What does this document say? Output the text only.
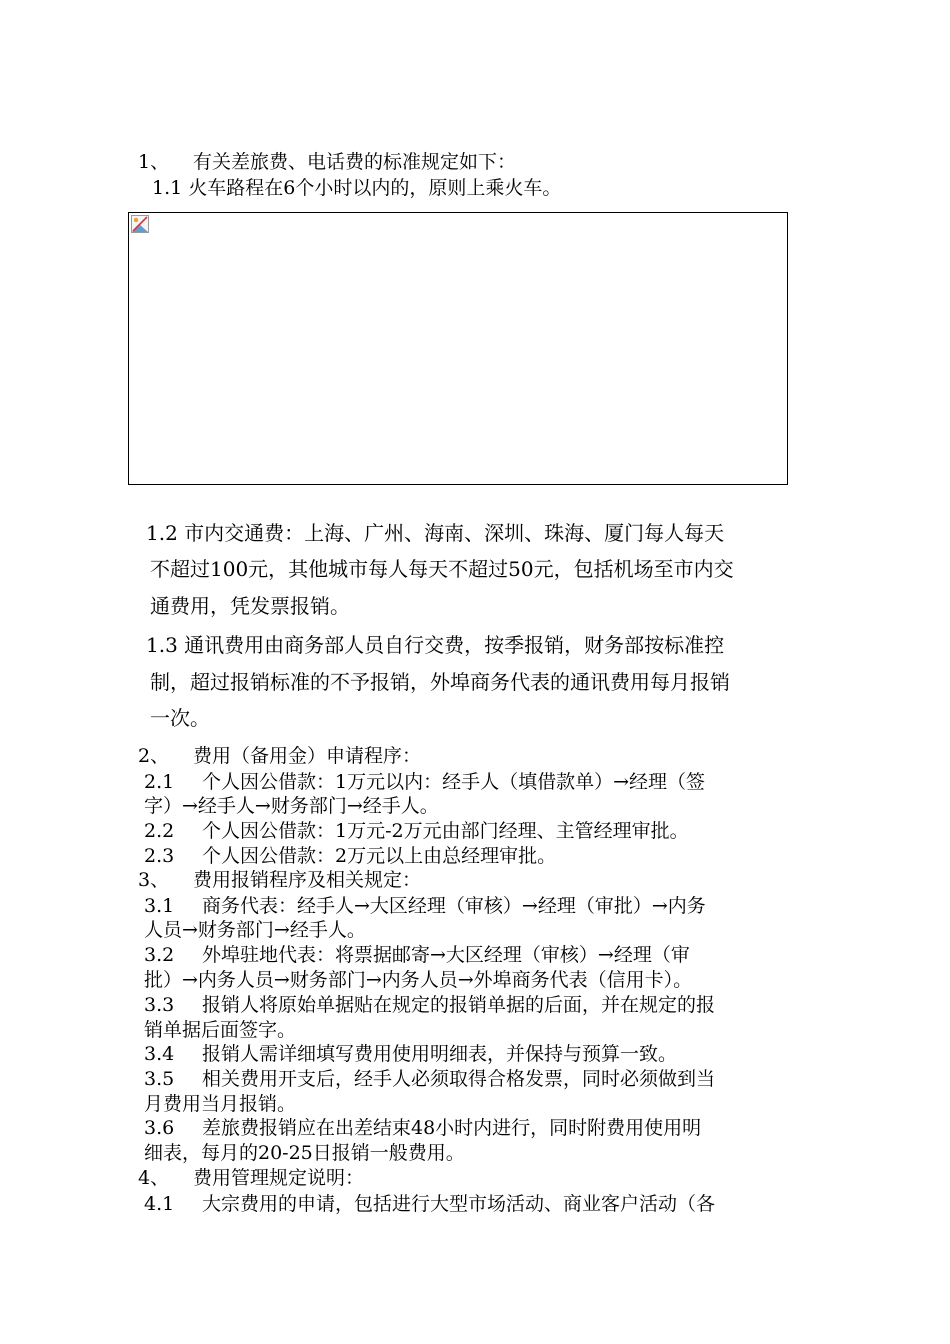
1、 有关差旅费、电话费的标准规定如下：
1.1 火车路程在6个小时以内的，原则上乘火车。
1.2 市内交通费：上海、广州、海南、深圳、珠海、厦门每人每天
不超过100元，其他城市每人每天不超过50元，包括机场至市内交
通费用，凭发票报销。
1.3 通讯费用由商务部人员自行交费，按季报销，财务部按标准控
制，超过报销标准的不予报销，外埠商务代表的通讯费用每月报销
一次。
2、 费用（备用金）申请程序：
2.1 个人因公借款：1万元以内：经手人（填借款单）→经理（签
字）→经手人→财务部门→经手人。
2.2 个人因公借款：1万元-2万元由部门经理、主管经理审批。
2.3 个人因公借款：2万元以上由总经理审批。
3、 费用报销程序及相关规定：
3.1 商务代表：经手人→大区经理（审核）→经理（审批）→内务
人员→财务部门→经手人。
3.2 外埠驻地代表：将票据邮寄→大区经理（审核）→经理（审
批）→内务人员→财务部门→内务人员→外埠商务代表（信用卡）。
3.3 报销人将原始单据贴在规定的报销单据的后面，并在规定的报
销单据后面签字。
3.4 报销人需详细填写费用使用明细表，并保持与预算一致。
3.5 相关费用开支后，经手人必须取得合格发票，同时必须做到当
月费用当月报销。
3.6 差旅费报销应在出差结束48小时内进行，同时附费用使用明
细表，每月的20-25日报销一般费用。
4、 费用管理规定说明：
4.1 大宗费用的申请，包括进行大型市场活动、商业客户活动（各
